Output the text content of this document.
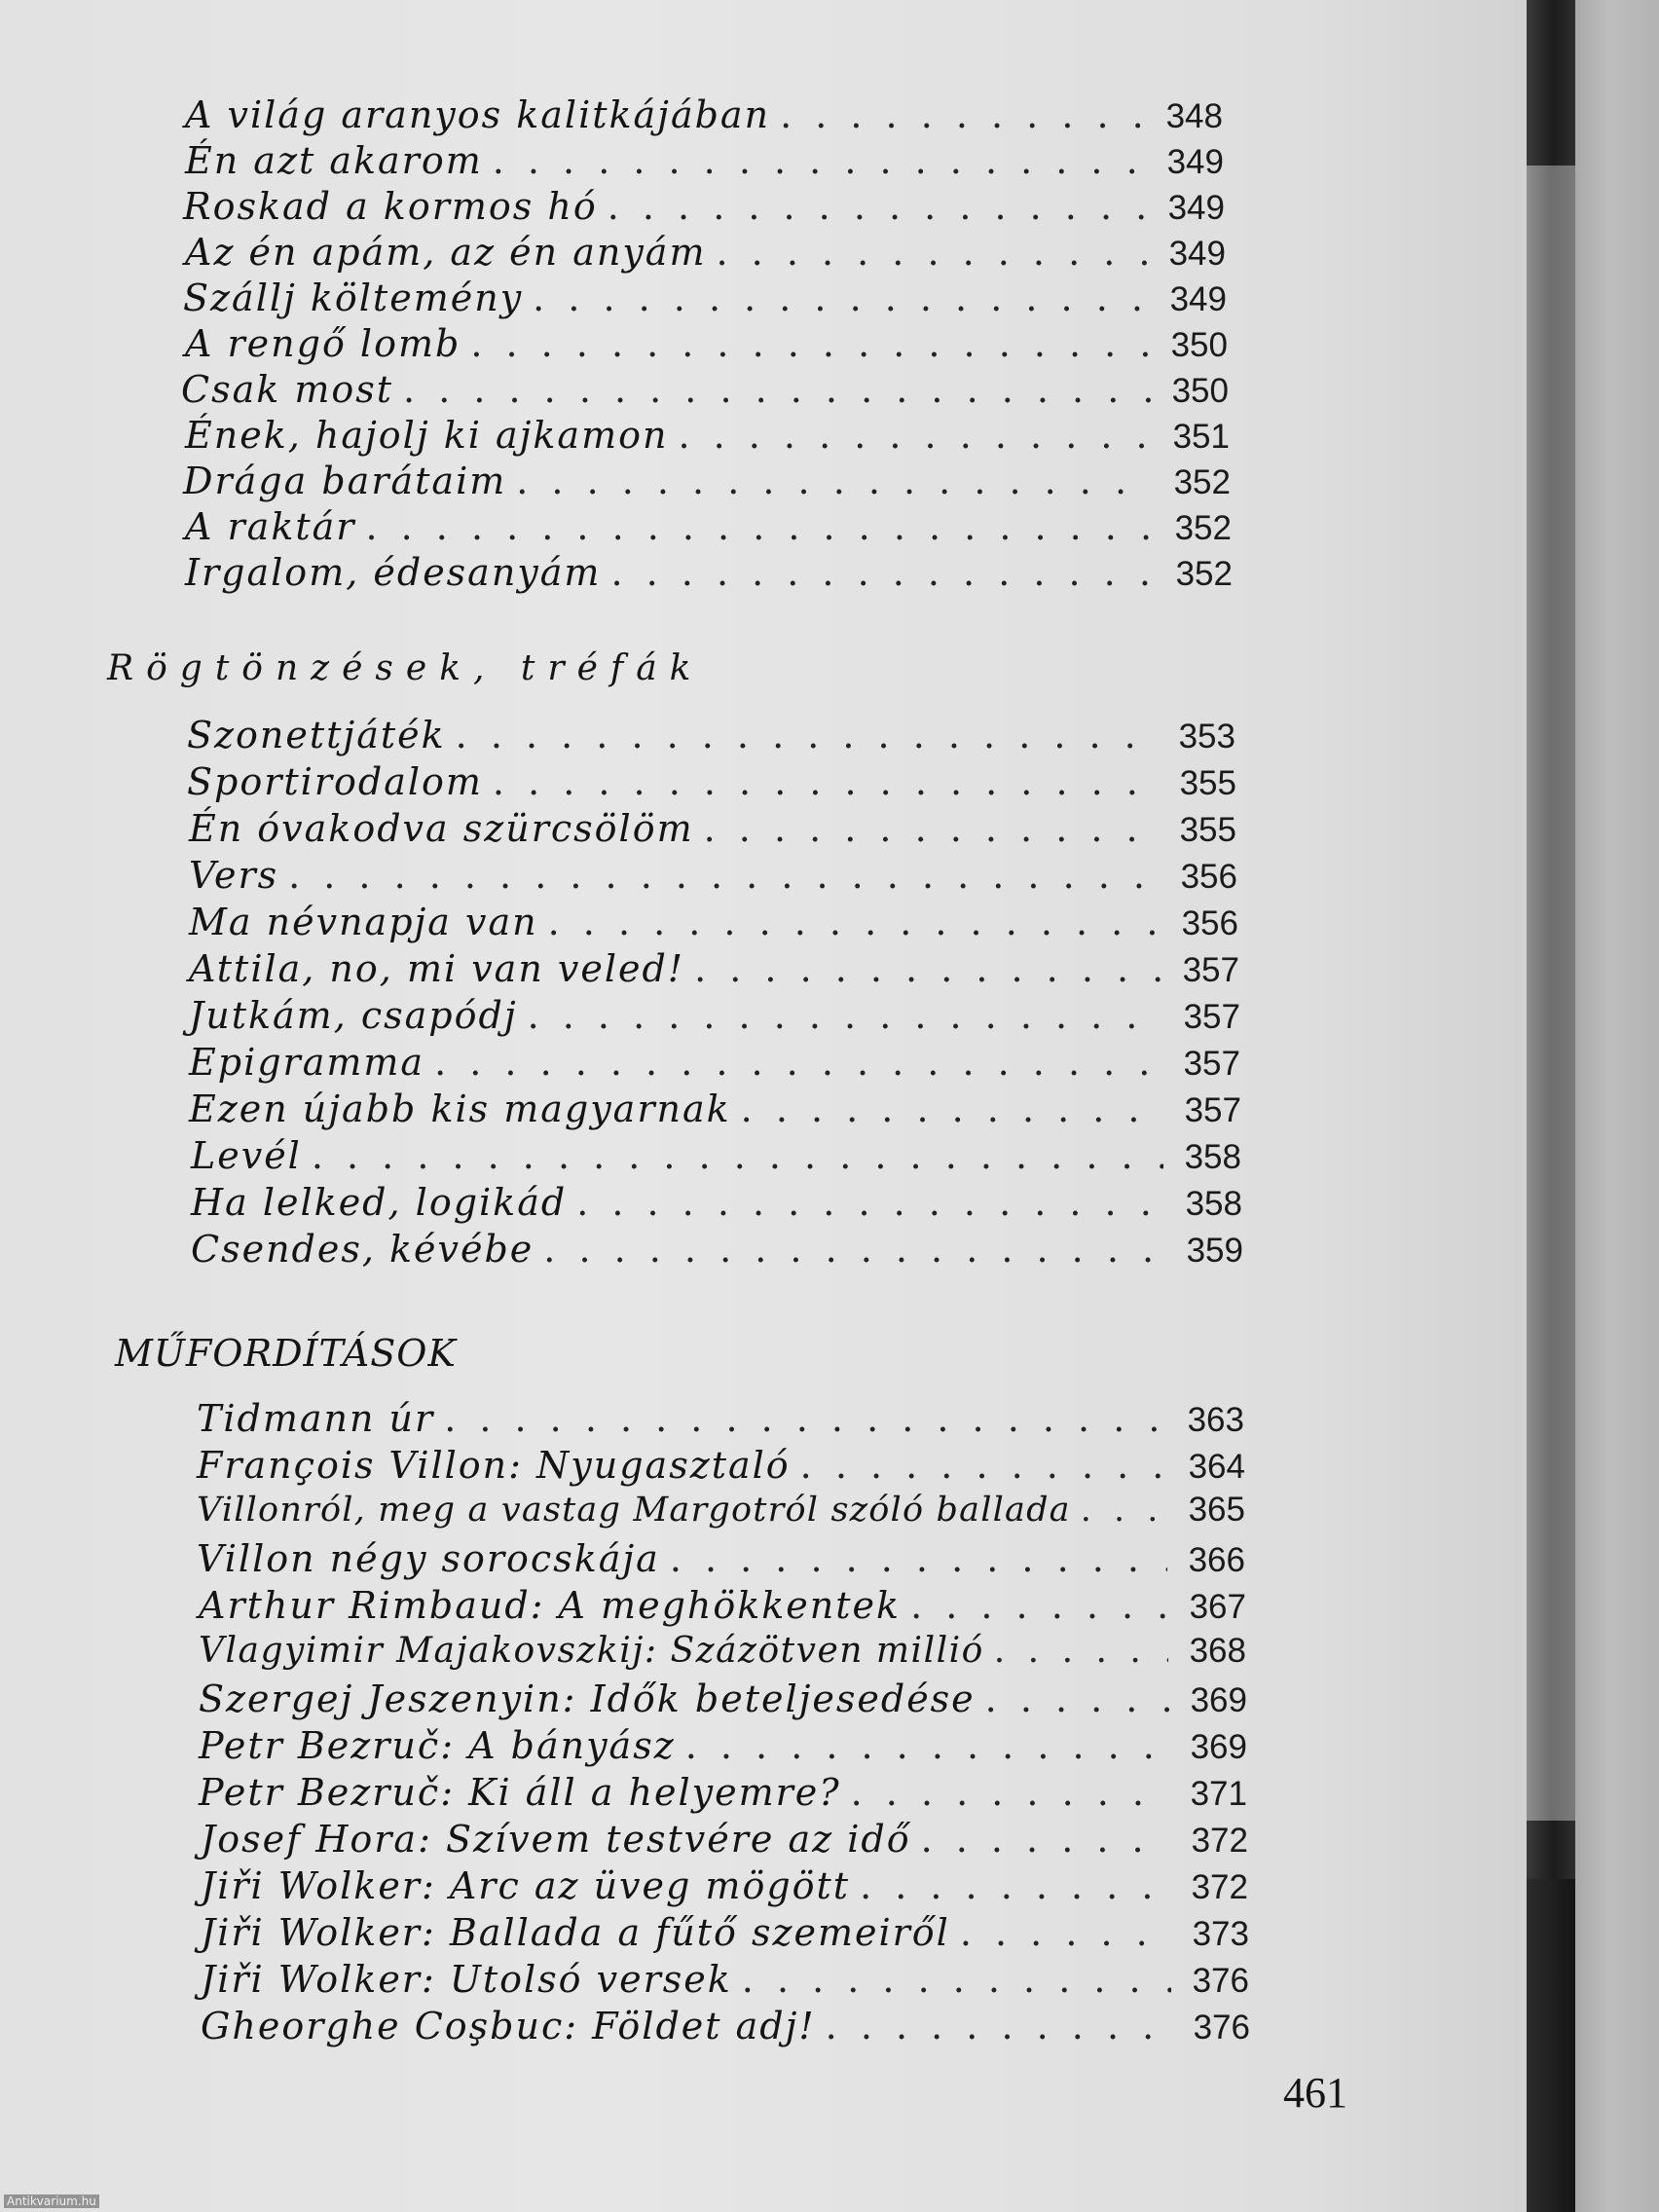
A világ aranyos kalitkájában . . .	348
Én azt akarom . . .	349
Roskad a kormos hó . . .	349
Az én apám, az én anyám . . .	349
Szállj költemény . . .	349
A rengő lomb . . .	350
Csak most . . .	350
Ének, hajolj ki ajkamon . . .	351
Drága barátaim . . .	352
A raktár . . .	352
Irgalom, édesanyám . . .	352
Rögtönzések, tréfák
Szonettjáték . . .	353
Sportirodalom . . .	355
Én óvakodva szürcsölöm . . .	355
Vers . . .	356
Ma névnapja van . . .	356
Attila, no, mi van veled! . . .	357
Jutkám, csapódj . . .	357
Epigramma . . .	357
Ezen újabb kis magyarnak . . .	357
Levél . . .	358
Ha lelked, logikád . . .	358
Csendes, kévébe . . .	359
MŰFORDÍTÁSOK
Tidmann úr . . .	363
François Villon: Nyugasztaló . . .	364
Villonról, meg a vastag Margotról szóló ballada . . .	365
Villon négy sorocskája . . .	366
Arthur Rimbaud: A meghökkentek . . .	367
Vlagyimir Majakovszkij: Százötven millió . . .	368
Szergej Jeszenyin: Idők beteljesedése . . .	369
Petr Bezruč: A bányász . . .	369
Petr Bezruč: Ki áll a helyemre? . . .	371
Josef Hora: Szívem testvére az idő . . .	372
Jiři Wolker: Arc az üveg mögött . . .	372
Jiři Wolker: Ballada a fűtő szemeiről . . .	373
Jiři Wolker: Utolsó versek . . .	376
Gheorghe Coşbuc: Földet adj! . . .	376
461
Antikvarium.hu
